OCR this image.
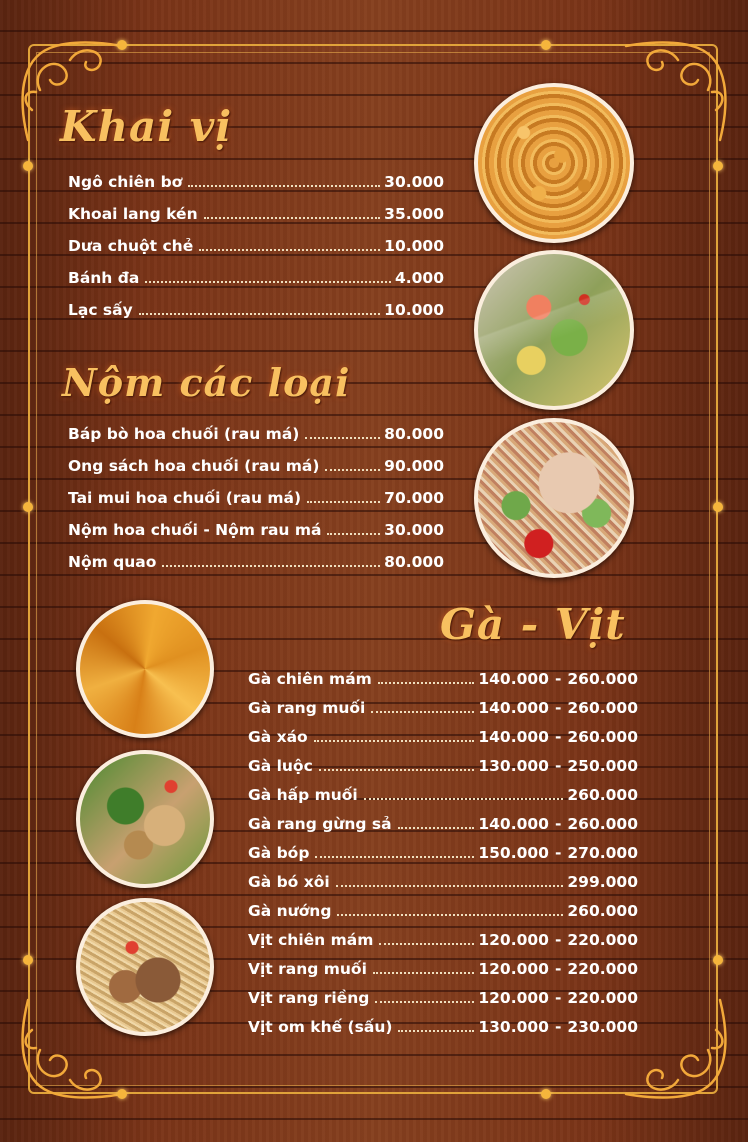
Khai vị
Nộm các loại
Gà - Vịt
Ngô chiên bơ	30.000
Khoai lang kén	35.000
Dưa chuột chẻ	10.000
Bánh đa	4.000
Lạc sấy	10.000
Báp bò hoa chuối (rau má)	80.000
Ong sách hoa chuối (rau má)	90.000
Tai mui hoa chuối (rau má)	70.000
Nộm hoa chuối - Nộm rau má	30.000
Nộm quao	80.000
Gà chiên mám	140.000 - 260.000
Gà rang muối	140.000 - 260.000
Gà xáo	140.000 - 260.000
Gà luộc	130.000 - 250.000
Gà hấp muối	260.000
Gà rang gừng sả	140.000 - 260.000
Gà bóp	150.000 - 270.000
Gà bó xôi	299.000
Gà nướng	260.000
Vịt chiên mám	120.000 - 220.000
Vịt rang muối	120.000 - 220.000
Vịt rang riềng	120.000 - 220.000
Vịt om khế (sấu)	130.000 - 230.000
